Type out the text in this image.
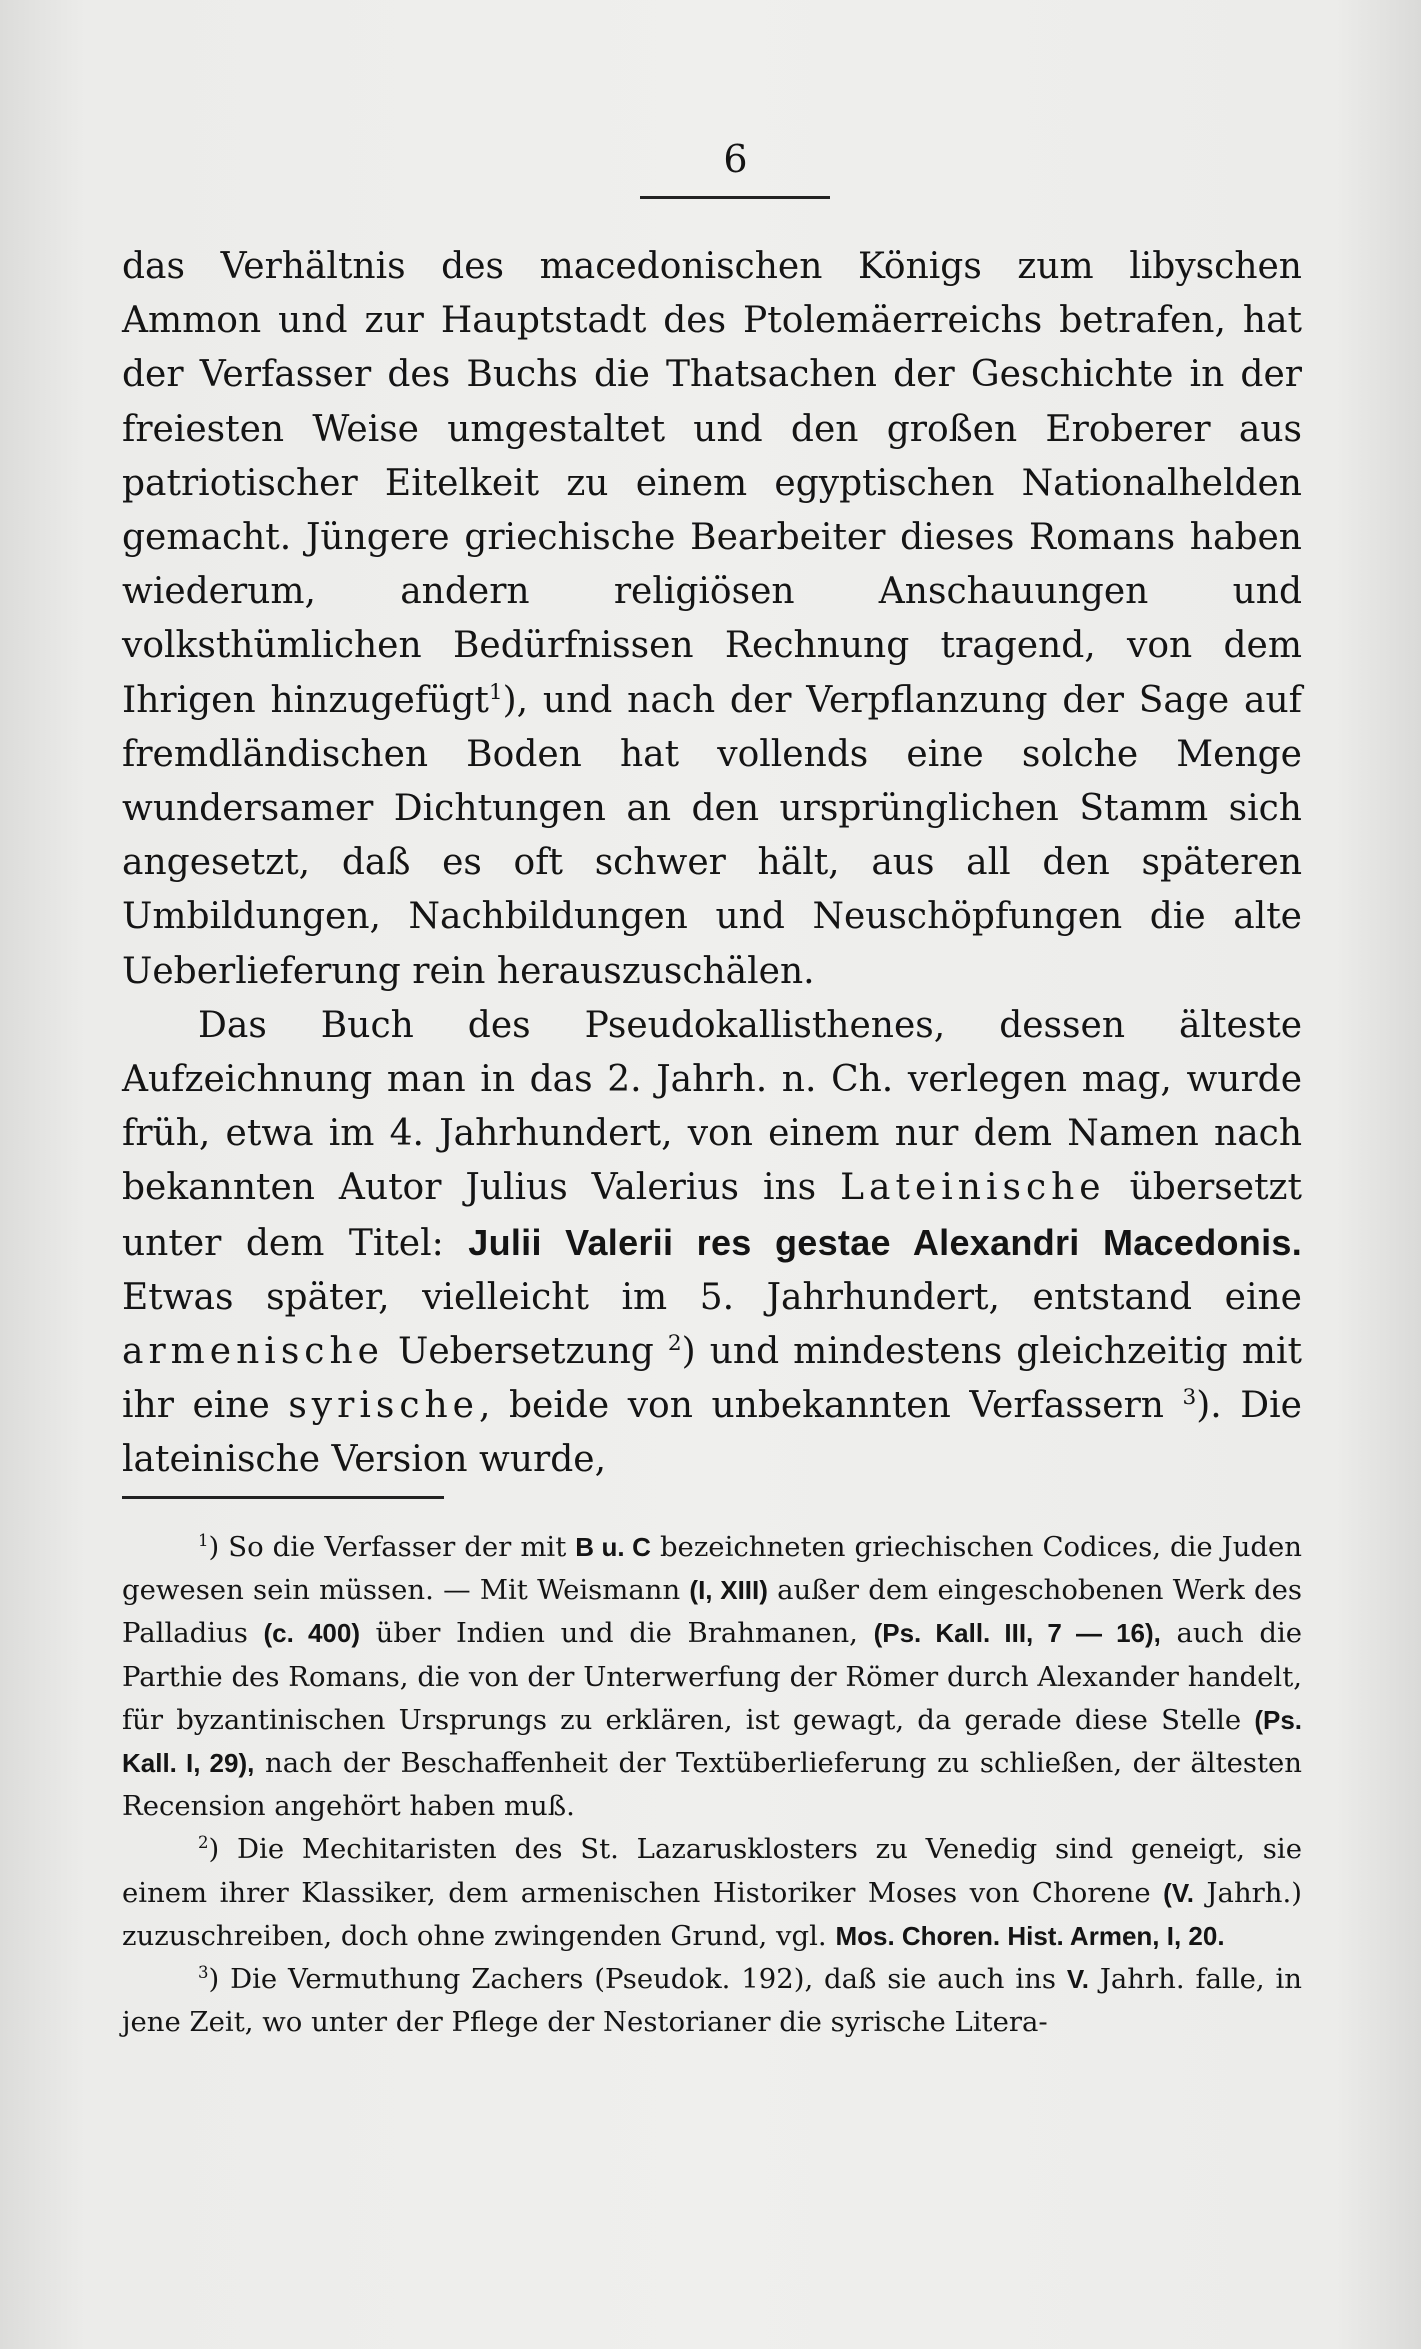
6

das Verhältnis des macedonischen Königs zum libyschen Ammon und zur Hauptstadt des Ptolemäerreichs betrafen, hat der Verfasser des Buchs die Thatsachen der Geschichte in der freiesten Weise umgestaltet und den großen Eroberer aus patriotischer Eitelkeit zu einem egyptischen Nationalhelden gemacht. Jüngere griechische Bearbeiter dieses Romans haben wiederum, andern religiösen Anschauungen und volksthümlichen Bedürfnissen Rechnung tragend, von dem Ihrigen hinzugefügt$^1$), und nach der Verpflanzung der Sage auf fremdländischen Boden hat vollends eine solche Menge wundersamer Dichtungen an den ursprünglichen Stamm sich angesetzt, daß es oft schwer hält, aus all den späteren Umbildungen, Nachbildungen und Neuschöpfungen die alte Ueberlieferung rein herauszuschälen.

Das Buch des Pseudokallisthenes, dessen älteste Aufzeichnung man in das 2. Jahrh. n. Ch. verlegen mag, wurde früh, etwa im 4. Jahrhundert, von einem nur dem Namen nach bekannten Autor Julius Valerius ins Lateinische übersetzt unter dem Titel: Julii Valerii res gestae Alexandri Macedonis. Etwas später, vielleicht im 5. Jahrhundert, entstand eine armenische Uebersetzung $^2$) und mindestens gleichzeitig mit ihr eine syrische, beide von unbekannten Verfassern $^3$). Die lateinische Version wurde,

$^1$) So die Verfasser der mit B u. C bezeichneten griechischen Codices, die Juden gewesen sein müssen. — Mit Weismann (I, XIII) außer dem eingeschobenen Werk des Palladius (c. 400) über Indien und die Brahmanen, (Ps. Kall. III, 7 — 16), auch die Parthie des Romans, die von der Unterwerfung der Römer durch Alexander handelt, für byzantinischen Ursprungs zu erklären, ist gewagt, da gerade diese Stelle (Ps. Kall. I, 29), nach der Beschaffenheit der Textüberlieferung zu schließen, der ältesten Recension angehört haben muß.

$^2$) Die Mechitaristen des St. Lazarusklosters zu Venedig sind geneigt, sie einem ihrer Klassiker, dem armenischen Historiker Moses von Chorene (V. Jahrh.) zuzuschreiben, doch ohne zwingenden Grund, vgl. Mos. Choren. Hist. Armen, I, 20.

$^3$) Die Vermuthung Zachers (Pseudok. 192), daß sie auch ins V. Jahrh. falle, in jene Zeit, wo unter der Pflege der Nestorianer die syrische Litera-
